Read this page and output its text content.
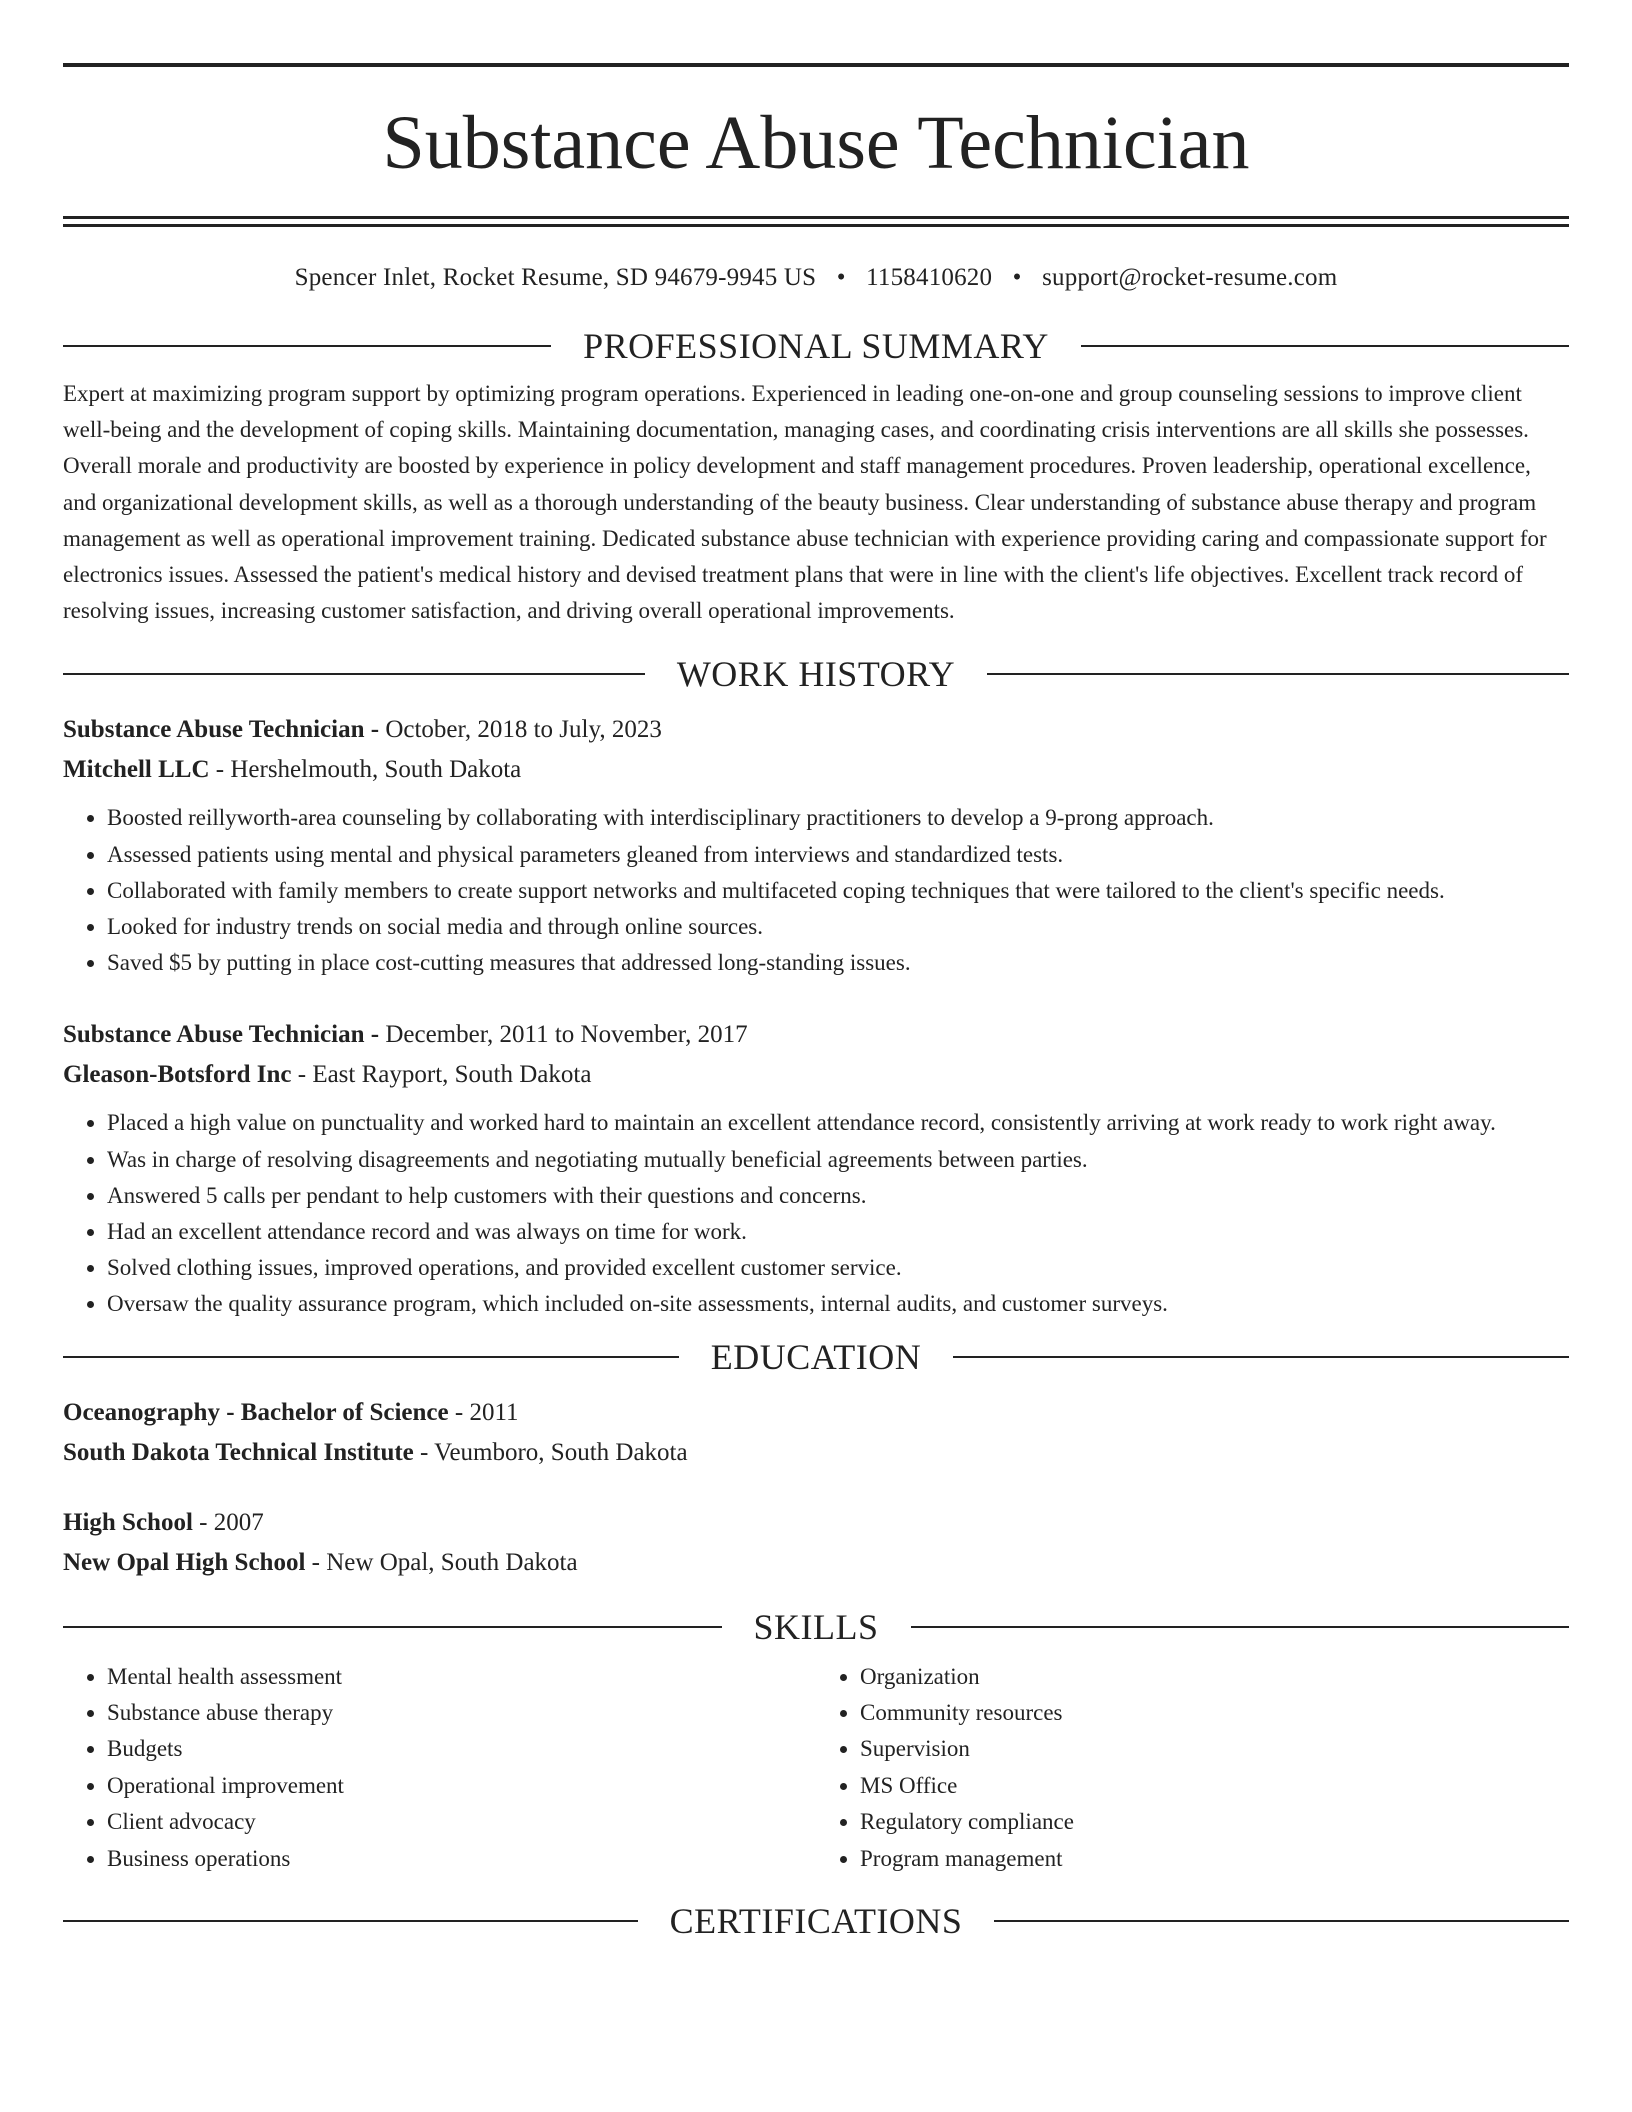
Substance Abuse Technician
Spencer Inlet, Rocket Resume, SD 94679-9945 US • 1158410620 • support@rocket-resume.com
PROFESSIONAL SUMMARY

Expert at maximizing program support by optimizing program operations. Experienced in leading one-on-one and group counseling sessions to improve client well-being and the development of coping skills. Maintaining documentation, managing cases, and coordinating crisis interventions are all skills she possesses. Overall morale and productivity are boosted by experience in policy development and staff management procedures. Proven leadership, operational excellence, and organizational development skills, as well as a thorough understanding of the beauty business. Clear understanding of substance abuse therapy and program management as well as operational improvement training. Dedicated substance abuse technician with experience providing caring and compassionate support for electronics issues. Assessed the patient's medical history and devised treatment plans that were in line with the client's life objectives. Excellent track record of resolving issues, increasing customer satisfaction, and driving overall operational improvements.

WORK HISTORY
Substance Abuse Technician - October, 2018 to July, 2023
Mitchell LLC - Hershelmouth, South Dakota
• Boosted reillyworth-area counseling by collaborating with interdisciplinary practitioners to develop a 9-prong approach.
• Assessed patients using mental and physical parameters gleaned from interviews and standardized tests.
• Collaborated with family members to create support networks and multifaceted coping techniques that were tailored to the client's specific needs.
• Looked for industry trends on social media and through online sources.
• Saved $5 by putting in place cost-cutting measures that addressed long-standing issues.
Substance Abuse Technician - December, 2011 to November, 2017
Gleason-Botsford Inc - East Rayport, South Dakota
• Placed a high value on punctuality and worked hard to maintain an excellent attendance record, consistently arriving at work ready to work right away.
• Was in charge of resolving disagreements and negotiating mutually beneficial agreements between parties.
• Answered 5 calls per pendant to help customers with their questions and concerns.
• Had an excellent attendance record and was always on time for work.
• Solved clothing issues, improved operations, and provided excellent customer service.
• Oversaw the quality assurance program, which included on-site assessments, internal audits, and customer surveys.
EDUCATION
Oceanography - Bachelor of Science - 2011
South Dakota Technical Institute - Veumboro, South Dakota
High School - 2007
New Opal High School - New Opal, South Dakota
SKILLS
• Mental health assessment
• Substance abuse therapy
• Budgets
• Operational improvement
• Client advocacy
• Business operations
• Organization
• Community resources
• Supervision
• MS Office
• Regulatory compliance
• Program management
CERTIFICATIONS
